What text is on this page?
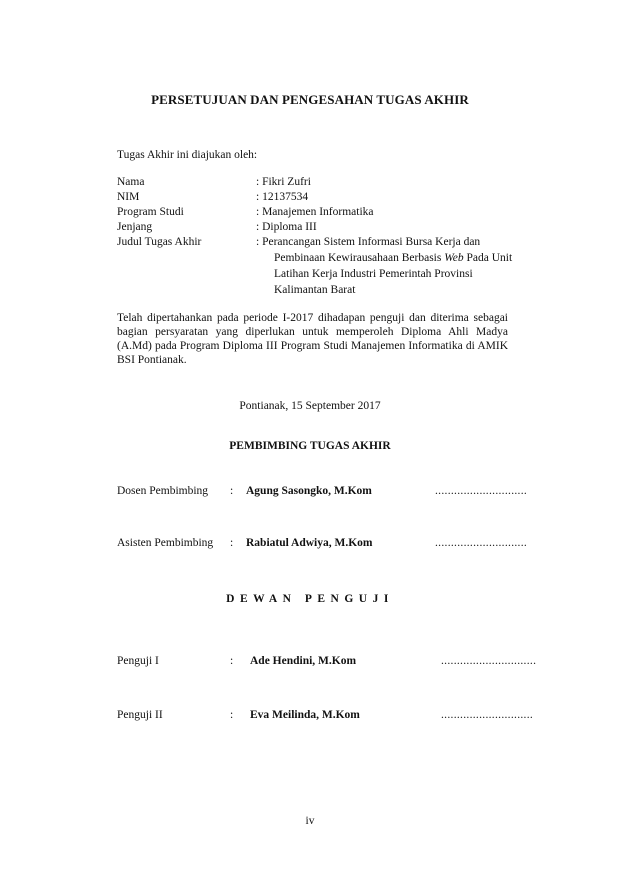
PERSETUJUAN DAN PENGESAHAN TUGAS AKHIR
Tugas Akhir ini diajukan oleh:
Nama	: Fikri Zufri
NIM	: 12137534
Program Studi	: Manajemen Informatika
Jenjang	: Diploma III
Judul Tugas Akhir	: Perancangan Sistem Informasi Bursa Kerja dan
Pembinaan Kewirausahaan Berbasis Web Pada Unit
Latihan Kerja Industri Pemerintah Provinsi
Kalimantan Barat
Telah dipertahankan pada periode I-2017 dihadapan penguji dan diterima sebagai bagian persyaratan yang diperlukan untuk memperoleh Diploma Ahli Madya (A.Md) pada Program Diploma III Program Studi Manajemen Informatika di AMIK BSI Pontianak.
Pontianak, 15 September 2017
PEMBIMBING TUGAS AKHIR
Dosen Pembimbing : Agung Sasongko, M.Kom	.............................
Asisten Pembimbing : Rabiatul Adwiya, M.Kom	.............................
DEWAN PENGUJI
Penguji I	: Ade Hendini, M.Kom	..............................
Penguji II	: Eva Meilinda, M.Kom	.............................
iv
